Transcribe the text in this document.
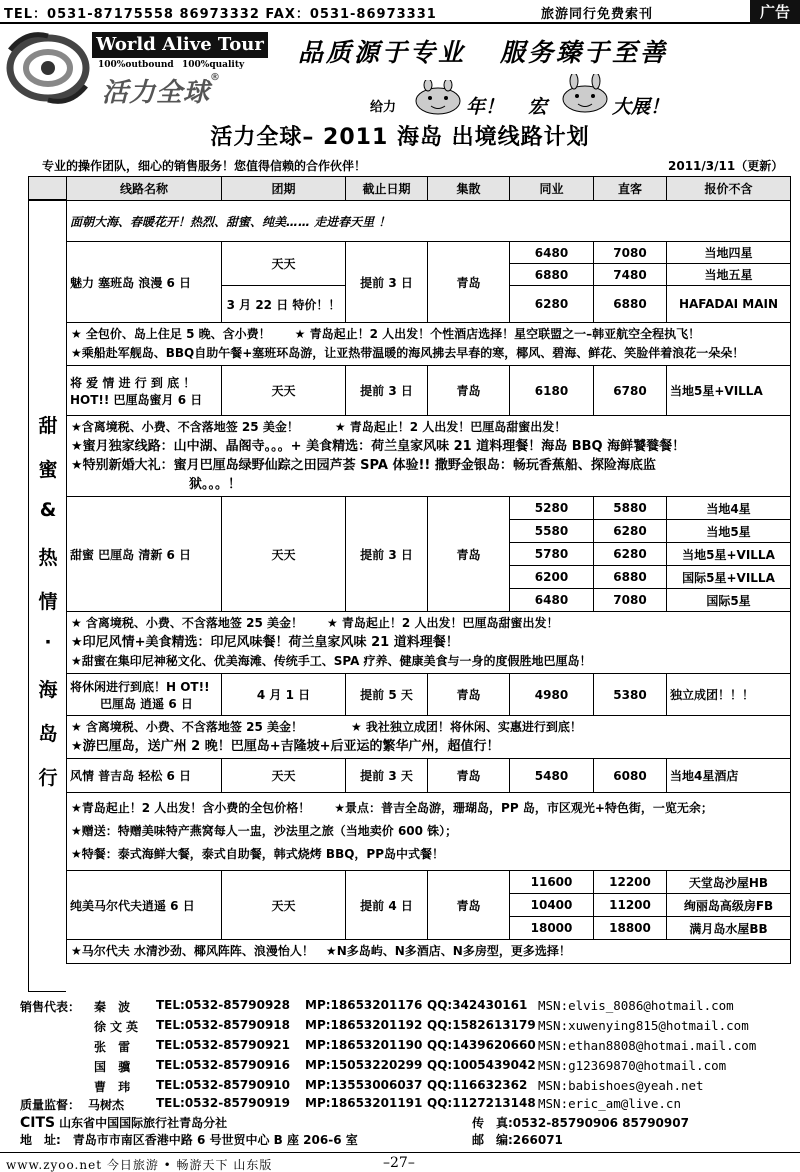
TEL：0531-87175558 86973332 FAX：0531-86973331	旅游同行免费索刊	广告
World Alive Tour
100%outbound 100%quality
活力全球®
品质源于专业 服务臻于至善
给力	年！ 宏	大展！
活力全球– 2011 海岛 出境线路计划
专业的操作团队，细心的销售服务！您值得信赖的合作伙伴！	2011/3/11（更新）
甜
蜜
&
热
情
·
海
岛
行
线路名称	团期	截止日期	集散	同业	直客	报价不含
面朝大海、春暖花开！热烈、甜蜜、纯美…… 走进春天里 ！						
魅力 塞班岛 浪漫 6 日	天天	提前 3 日	青岛	6480	7080	当地四星
				6880	7480	当地五星
	3 月 22 日 特价！！			6280	6880	HAFADAI MAIN

★ 全包价、岛上住足 5 晚、含小费！　　★ 青岛起止！2 人出发！个性酒店选择！星空联盟之一–韩亚航空全程执飞！
★乘船赴军舰岛、BBQ自助午餐+塞班环岛游，让亚热带温暖的海风拂去早春的寒，椰风、碧海、鲜花、笑脸伴着浪花一朵朵！						

将 爱 情 进 行 到 底 ！
HOT!! 巴厘岛蜜月 6 日	天天	提前 3 日	青岛	6180	6780	当地5星+VILLA

★含离境税、小费、不含落地签 25 美金！　　　★ 青岛起止！2 人出发！巴厘岛甜蜜出发！
★蜜月独家线路：山中湖、晶阁寺。。。+ 美食精选：荷兰皇家风味 21 道料理餐！海岛 BBQ 海鲜饕餮餐！
★特别新婚大礼：蜜月巴厘岛绿野仙踪之田园芦荟 SPA 体验!! 撒野金银岛：畅玩香蕉船、探险海底监
狱。。。！						

甜蜜 巴厘岛 清新 6 日	天天	提前 3 日	青岛	5280	5880	当地4星
				5580	6280	当地5星
				5780	6280	当地5星+VILLA
				6200	6880	国际5星+VILLA
				6480	7080	国际5星

★ 含离境税、小费、不含落地签 25 美金！　　★ 青岛起止！2 人出发！巴厘岛甜蜜出发！
★印尼风情+美食精选：印尼风味餐！荷兰皇家风味 21 道料理餐！
★甜蜜在集印尼神秘文化、优美海滩、传统手工、SPA 疗养、健康美食与一身的度假胜地巴厘岛！						

将休闲进行到底！H OT!!
巴厘岛 逍遥 6 日	4 月 1 日	提前 5 天	青岛	4980	5380	独立成团！！！

★ 含离境税、小费、不含落地签 25 美金！　　　　★ 我社独立成团！将休闲、实惠进行到底！
★游巴厘岛，送广州 2 晚！巴厘岛+吉隆坡+后亚运的繁华广州，超值行！						

风情 普吉岛 轻松 6 日	天天	提前 3 天	青岛	5480	6080	当地4星酒店

★青岛起止！2 人出发！含小费的全包价格！　　★景点：普吉全岛游，珊瑚岛，PP 岛，市区观光+特色街，一览无余；
★赠送：特赠美味特产燕窝每人一盅，沙法里之旅（当地卖价 600 铢）；
★特餐：泰式海鲜大餐，泰式自助餐，韩式烧烤 BBQ，PP岛中式餐！						

纯美马尔代夫逍遥 6 日	天天	提前 4 日	青岛	11600	12200	天堂岛沙屋HB
				10400	11200	绚丽岛高级房FB
				18000	18800	满月岛水屋BB

★马尔代夫 水清沙劲、椰风阵阵、浪漫怡人！　★N多岛屿、N多酒店、N多房型，更多选择！						
销售代表： 秦 波 TEL:0532-85790928 MP:18653201176 QQ:342430161 MSN:elvis_8086@hotmail.com
徐文英 TEL:0532-85790918 MP:18653201192 QQ:1582613179 MSN:xuwenying815@hotmail.com
张 雷 TEL:0532-85790921 MP:18653201190 QQ:1439620660 MSN:ethan8808@hotmai.mail.com
国 骥 TEL:0532-85790916 MP:15053220299 QQ:1005439042 MSN:g12369870@hotmail.com
曹 玮 TEL:0532-85790910 MP:13553006037 QQ:116632362 MSN:babishoes@yeah.net
质量监督： 马树杰	TEL:0532-85790919 MP:18653201191 QQ:1127213148 MSN:eric_am@live.cn
CITS 山东省中国国际旅行社青岛分社	传　真:0532-85790906 85790907
地　址:　青岛市市南区香港中路 6 号世贸中心 B 座 206-6 室	邮　编:266071
www.zyoo.net 今日旅游 • 畅游天下 山东版	–27–
